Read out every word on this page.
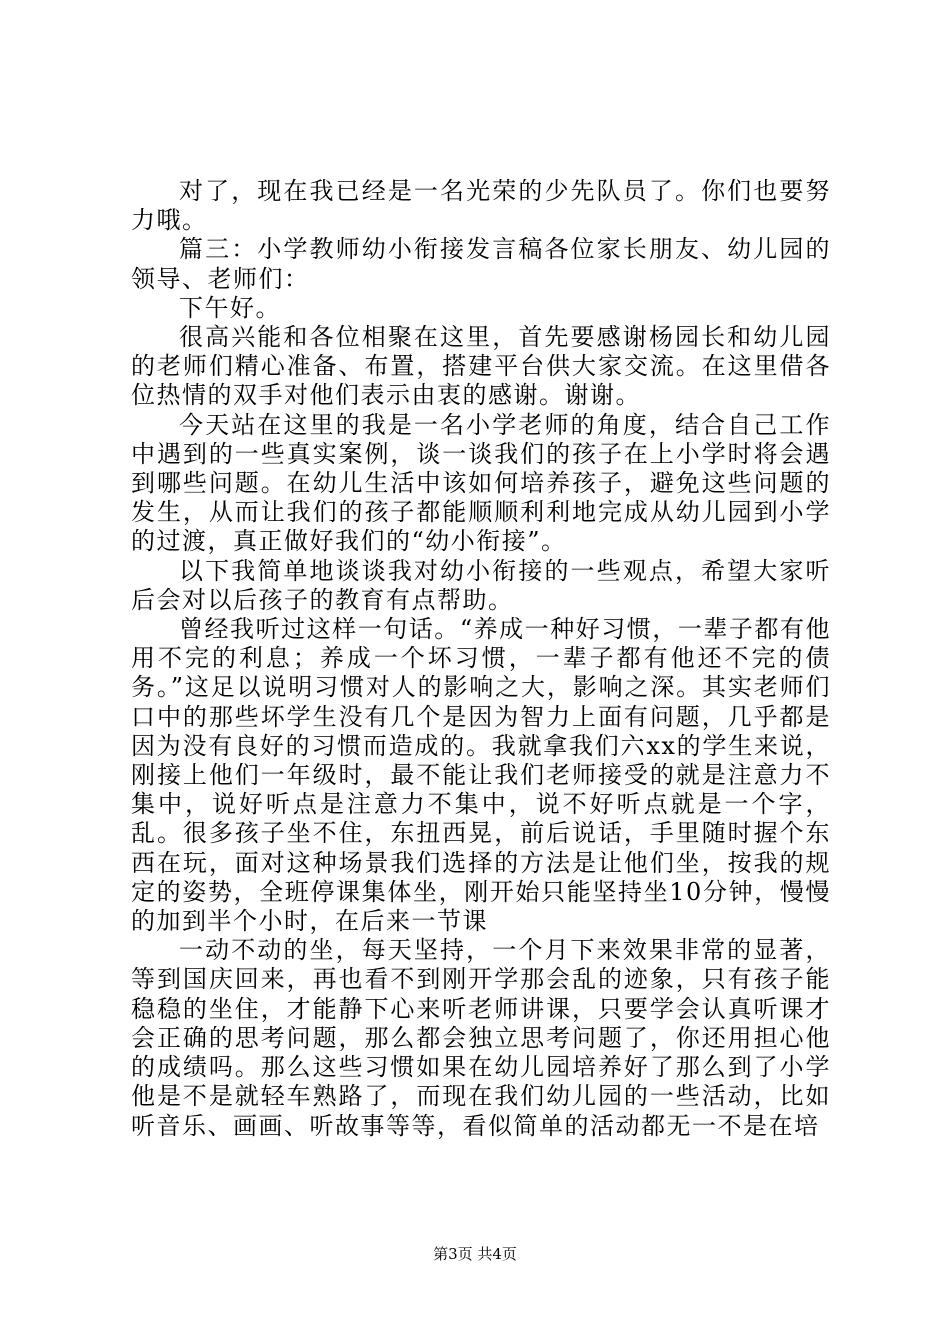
对了，现在我已经是一名光荣的少先队员了。你们也要努力哦。

篇三：小学教师幼小衔接发言稿各位家长朋友、幼儿园的领导、老师们：

下午好。

很高兴能和各位相聚在这里，首先要感谢杨园长和幼儿园的老师们精心准备、布置，搭建平台供大家交流。在这里借各位热情的双手对他们表示由衷的感谢。谢谢。

今天站在这里的我是一名小学老师的角度，结合自己工作中遇到的一些真实案例，谈一谈我们的孩子在上小学时将会遇到哪些问题。在幼儿生活中该如何培养孩子，避免这些问题的发生，从而让我们的孩子都能顺顺利利地完成从幼儿园到小学的过渡，真正做好我们的“幼小衔接”。

以下我简单地谈谈我对幼小衔接的一些观点，希望大家听后会对以后孩子的教育有点帮助。

曾经我听过这样一句话。“养成一种好习惯，一辈子都有他用不完的利息；养成一个坏习惯，一辈子都有他还不完的债务。”这足以说明习惯对人的影响之大，影响之深。其实老师们口中的那些坏学生没有几个是因为智力上面有问题，几乎都是因为没有良好的习惯而造成的。我就拿我们六xx的学生来说，刚接上他们一年级时，最不能让我们老师接受的就是注意力不集中，说好听点是注意力不集中，说不好听点就是一个字，乱。很多孩子坐不住，东扭西晃，前后说话，手里随时握个东西在玩，面对这种场景我们选择的方法是让他们坐，按我的规定的姿势，全班停课集体坐，刚开始只能坚持坐10分钟，慢慢的加到半个小时，在后来一节课

一动不动的坐，每天坚持，一个月下来效果非常的显著，等到国庆回来，再也看不到刚开学那会乱的迹象，只有孩子能稳稳的坐住，才能静下心来听老师讲课，只要学会认真听课才会正确的思考问题，那么都会独立思考问题了，你还用担心他的成绩吗。那么这些习惯如果在幼儿园培养好了那么到了小学他是不是就轻车熟路了，而现在我们幼儿园的一些活动，比如听音乐、画画、听故事等等，看似简单的活动都无一不是在培

第3页 共4页
